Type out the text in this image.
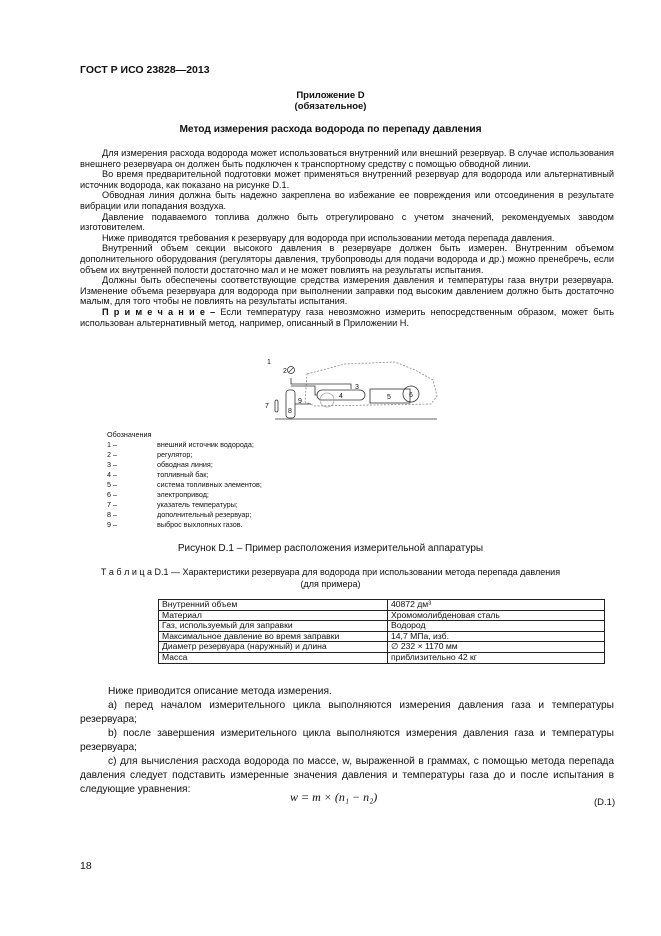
ГОСТ Р ИСО 23828—2013
Приложение D
(обязательное)
Метод измерения расхода водорода по перепаду давления
Для измерения расхода водорода может использоваться внутренний или внешний резервуар. В случае использования внешнего резервуара он должен быть подключен к транспортному средству с помощью обводной линии.
Во время предварительной подготовки может применяться внутренний резервуар для водорода или альтернативный источник водорода, как показано на рисунке D.1.
Обводная линия должна быть надежно закреплена во избежание ее повреждения или отсоединения в результате вибрации или попадания воздуха.
Давление подаваемого топлива должно быть отрегулировано с учетом значений, рекомендуемых заводом изготовителем.
Ниже приводятся требования к резервуару для водорода при использовании метода перепада давления.
Внутренний объем секции высокого давления в резервуаре должен быть измерен. Внутренним объемом дополнительного оборудования (регуляторы давления, трубопроводы для подачи водорода и др.) можно пренебречь, если объем их внутренней полости достаточно мал и не может повлиять на результаты испытания.
Должны быть обеспечены соответствующие средства измерения давления и температуры газа внутри резервуара. Изменение объема резервуара для водорода при выполнении заправки под высоким давлением должно быть достаточно малым, для того чтобы не повлиять на результаты испытания.
П р и м е ч а н и е – Если температуру газа невозможно измерить непосредственным образом, может быть использован альтернативный метод, например, описанный в Приложении Н.
1
2
3
4	5	6
7
8
9
Обозначения
1 –	внешний источник водорода;
2 –	регулятор;
3 –	обводная линия;
4 –	топливный бак;
5 –	система топливных элементов;
6 –	электропривод;
7 –	указатель температуры;
8 –	дополнительный резервуар;
9 –	выброс выхлопных газов.
Рисунок D.1 – Пример расположения измерительной аппаратуры
Т а б л и ц а D.1 — Характеристики резервуара для водорода при использовании метода перепада давления
(для примера)
Внутренний объем	40872 дм³
Материал	Хромомолибденовая сталь
Газ, используемый для заправки	Водород
Максимальное давление во время заправки	14,7 МПа, изб.
Диаметр резервуара (наружный) и длина	∅ 232 × 1170 мм
Масса	приблизительно 42 кг
Ниже приводится описание метода измерения.
а) перед началом измерительного цикла выполняются измерения давления газа и температуры резервуара;
b) после завершения измерительного цикла выполняются измерения давления газа и температуры резервуара;
с) для вычисления расхода водорода по массе, w, выраженной в граммах, с помощью метода перепада давления следует подставить измеренные значения давления и температуры газа до и после испытания в следующие уравнения:
w = m × (n₁ − n₂)	(D.1)
18
